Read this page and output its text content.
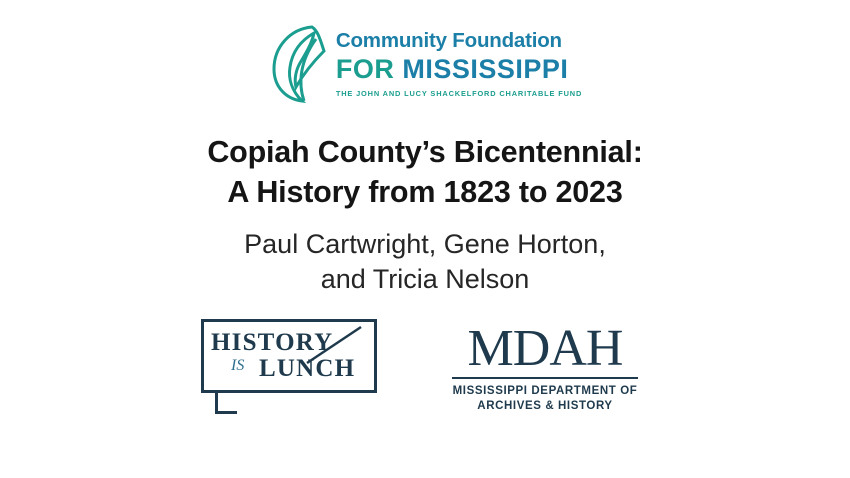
Community Foundation
FOR MISSISSIPPI
THE JOHN AND LUCY SHACKELFORD CHARITABLE FUND
Copiah County’s Bicentennial:
A History from 1823 to 2023
Paul Cartwright, Gene Horton,
and Tricia Nelson
HISTORY
IS LUNCH	MDAH
MISSISSIPPI DEPARTMENT OF
ARCHIVES & HISTORY
